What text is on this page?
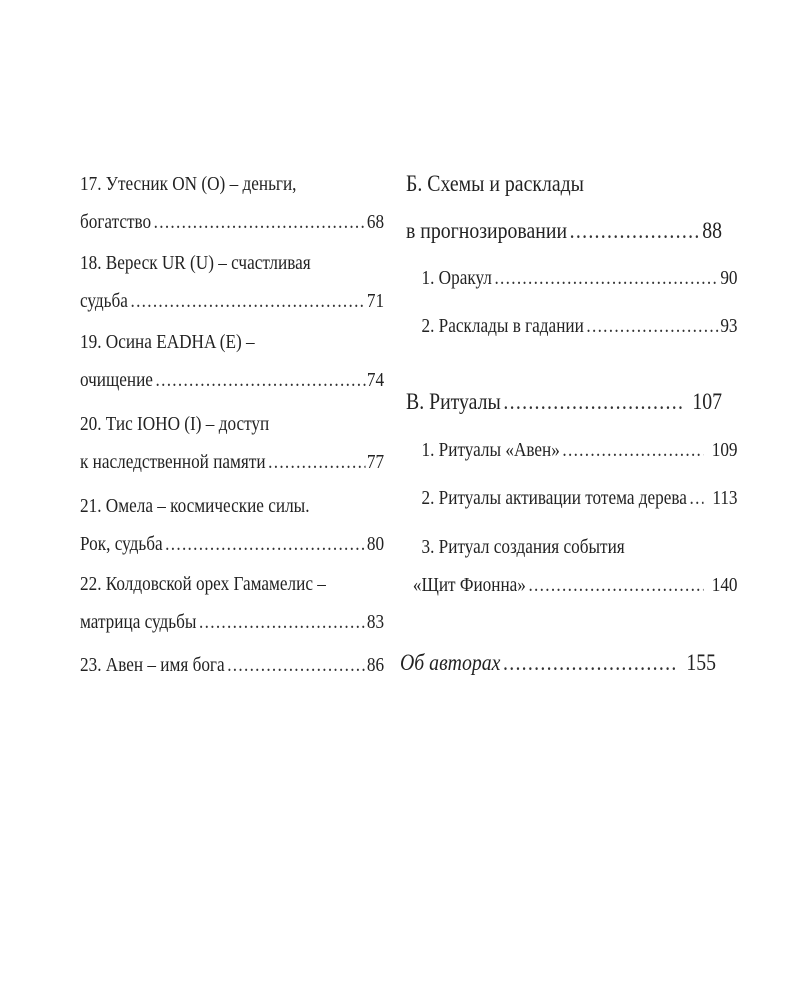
17. Утесник ON (O) – деньги,
богатство .....	68
18. Вереск UR (U) – счастливая
судьба .....	71
19. Осина EADHA (E) –
очищение .....	74
20. Тис IOHO (I) – доступ
к наследственной памяти .....	77
21. Омела – космические силы.
Рок, судьба .....	80
22. Колдовской орех Гамамелис –
матрица судьбы .....	83
23. Авен – имя бога .....	86
Б. Схемы и расклады
в прогнозировании .....	88
1. Оракул .....	90
2. Расклады в гадании .....	93
В. Ритуалы .....	107
1. Ритуалы «Авен» .....	109
2. Ритуалы активации тотема дерева ..... 113
3. Ритуал создания события
«Щит Фионна» .....	140
Об авторах .....	155
